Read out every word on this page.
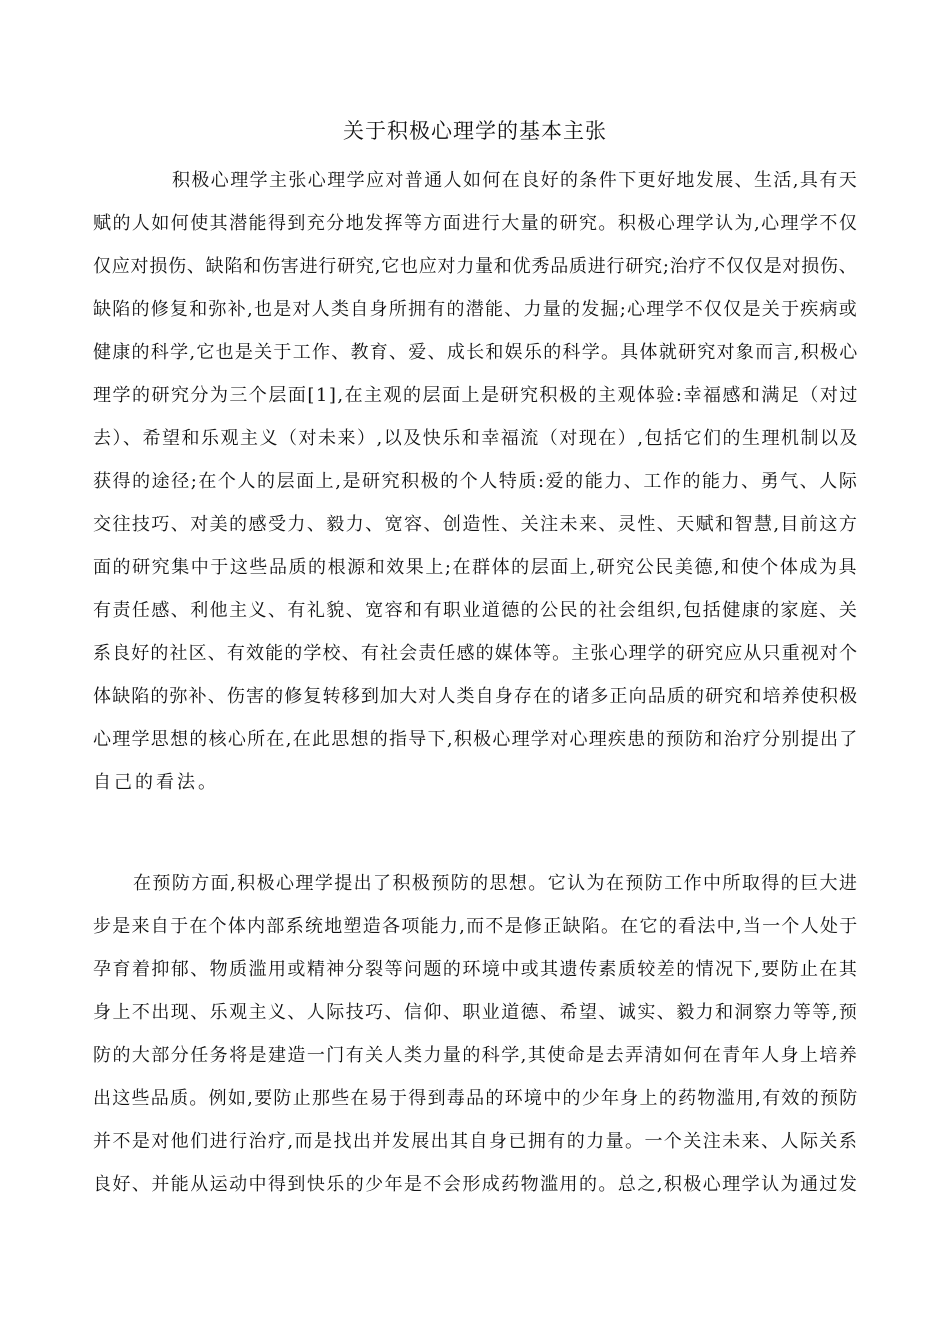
关于积极心理学的基本主张
积极心理学主张心理学应对普通人如何在良好的条件下更好地发展、生活,具有天
赋的人如何使其潜能得到充分地发挥等方面进行大量的研究。积极心理学认为,心理学不仅
仅应对损伤、缺陷和伤害进行研究,它也应对力量和优秀品质进行研究;治疗不仅仅是对损伤、
缺陷的修复和弥补,也是对人类自身所拥有的潜能、力量的发掘;心理学不仅仅是关于疾病或
健康的科学,它也是关于工作、教育、爱、成长和娱乐的科学。具体就研究对象而言,积极心
理学的研究分为三个层面[1],在主观的层面上是研究积极的主观体验:幸福感和满足（对过
去）、希望和乐观主义（对未来）,以及快乐和幸福流（对现在）,包括它们的生理机制以及
获得的途径;在个人的层面上,是研究积极的个人特质:爱的能力、工作的能力、勇气、人际
交往技巧、对美的感受力、毅力、宽容、创造性、关注未来、灵性、天赋和智慧,目前这方
面的研究集中于这些品质的根源和效果上;在群体的层面上,研究公民美德,和使个体成为具
有责任感、利他主义、有礼貌、宽容和有职业道德的公民的社会组织,包括健康的家庭、关
系良好的社区、有效能的学校、有社会责任感的媒体等。主张心理学的研究应从只重视对个
体缺陷的弥补、伤害的修复转移到加大对人类自身存在的诸多正向品质的研究和培养使积极
心理学思想的核心所在,在此思想的指导下,积极心理学对心理疾患的预防和治疗分别提出了
自己的看法。
在预防方面,积极心理学提出了积极预防的思想。它认为在预防工作中所取得的巨大进
步是来自于在个体内部系统地塑造各项能力,而不是修正缺陷。在它的看法中,当一个人处于
孕育着抑郁、物质滥用或精神分裂等问题的环境中或其遗传素质较差的情况下,要防止在其
身上不出现、乐观主义、人际技巧、信仰、职业道德、希望、诚实、毅力和洞察力等等,预
防的大部分任务将是建造一门有关人类力量的科学,其使命是去弄清如何在青年人身上培养
出这些品质。例如,要防止那些在易于得到毒品的环境中的少年身上的药物滥用,有效的预防
并不是对他们进行治疗,而是找出并发展出其自身已拥有的力量。一个关注未来、人际关系
良好、并能从运动中得到快乐的少年是不会形成药物滥用的。总之,积极心理学认为通过发
